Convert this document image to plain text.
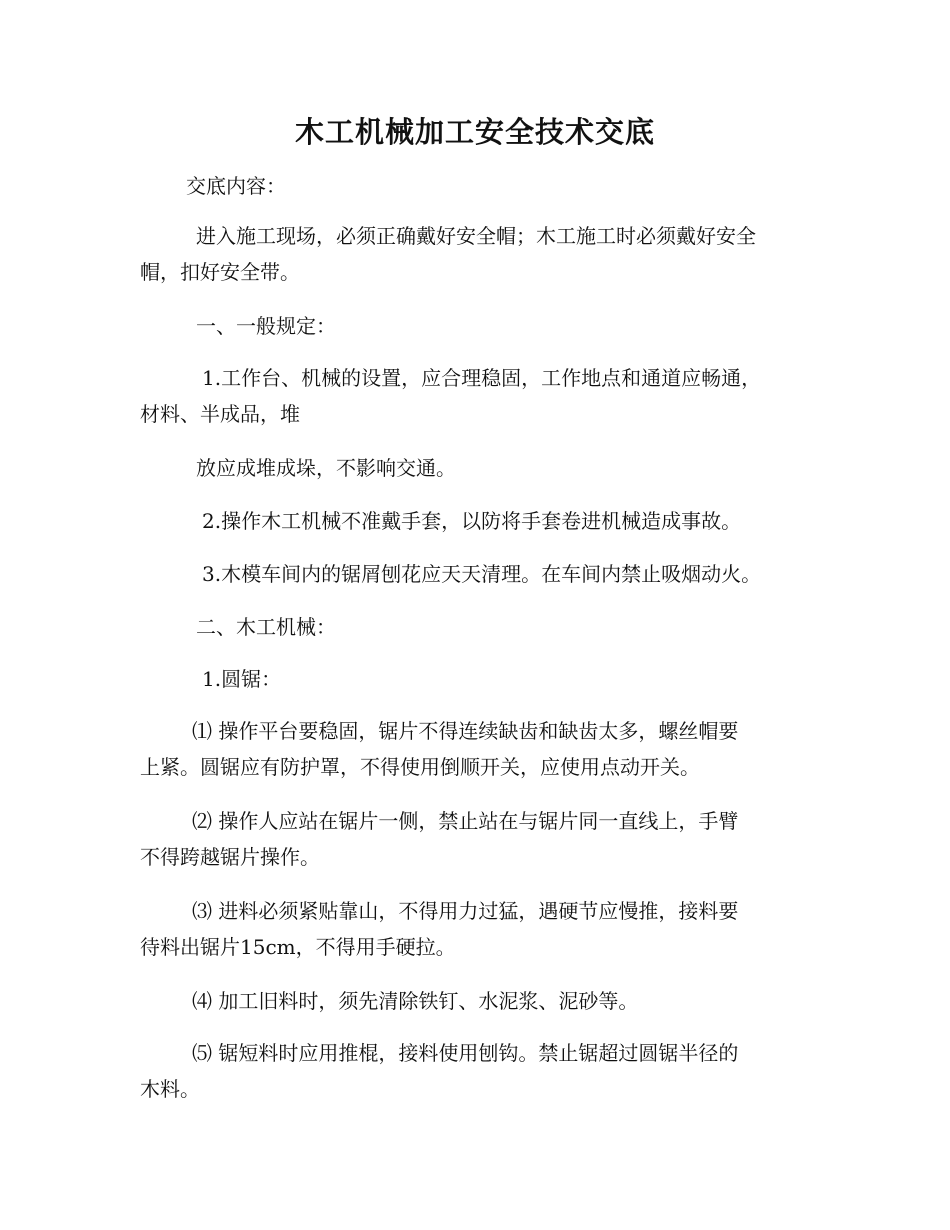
木工机械加工安全技术交底

交底内容：

进入施工现场，必须正确戴好安全帽；木工施工时必须戴好安全
帽，扣好安全带。

一、一般规定：

1.工作台、机械的设置，应合理稳固，工作地点和通道应畅通，
材料、半成品，堆

放应成堆成垛，不影响交通。

2.操作木工机械不准戴手套，以防将手套卷进机械造成事故。

3.木模车间内的锯屑刨花应天天清理。在车间内禁止吸烟动火。

二、木工机械：

1.圆锯：

⑴ 操作平台要稳固，锯片不得连续缺齿和缺齿太多，螺丝帽要
上紧。圆锯应有防护罩，不得使用倒顺开关，应使用点动开关。

⑵ 操作人应站在锯片一侧，禁止站在与锯片同一直线上，手臂
不得跨越锯片操作。

⑶ 进料必须紧贴靠山，不得用力过猛，遇硬节应慢推，接料要
待料出锯片15cm，不得用手硬拉。

⑷ 加工旧料时，须先清除铁钉、水泥浆、泥砂等。

⑸ 锯短料时应用推棍，接料使用刨钩。禁止锯超过圆锯半径的
木料。
